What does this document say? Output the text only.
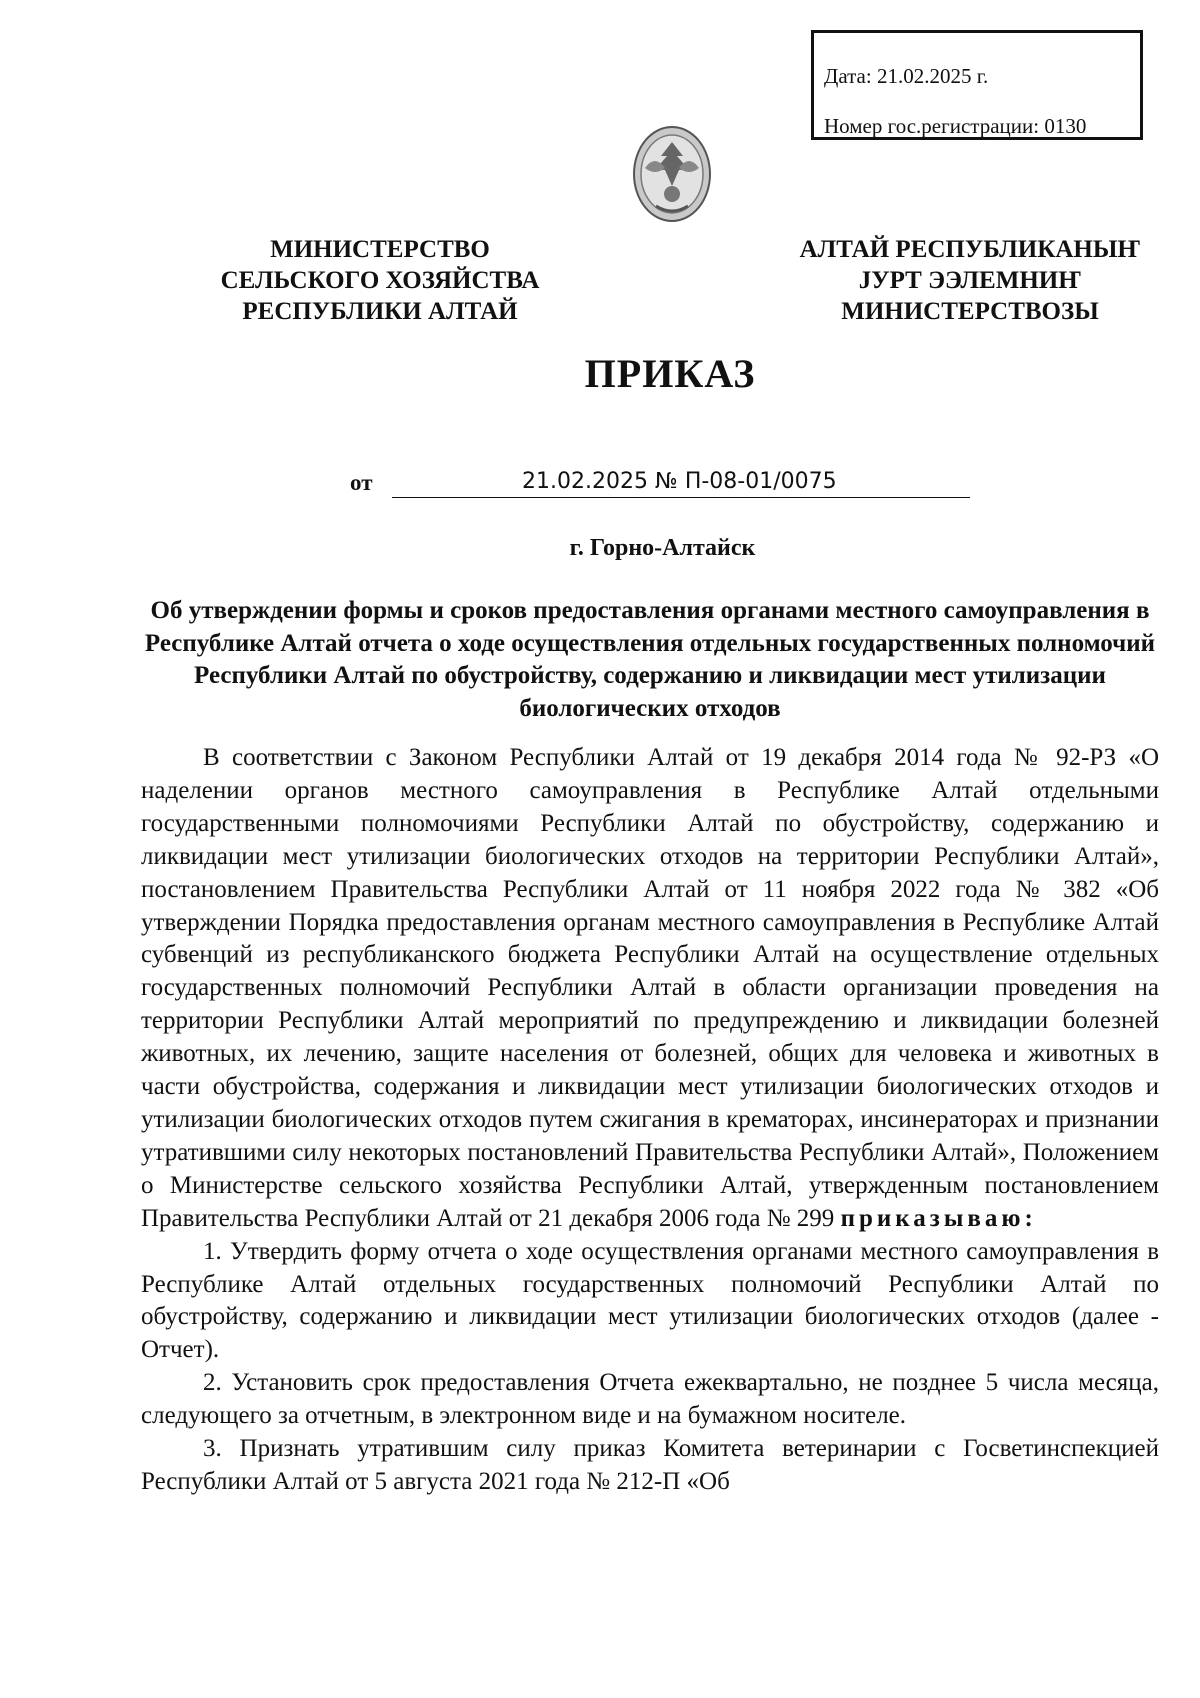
Дата: 21.02.2025 г.
Номер гос.регистрации: 0130
МИНИСТЕРСТВО
СЕЛЬСКОГО ХОЗЯЙСТВА
РЕСПУБЛИКИ АЛТАЙ
АЛТАЙ РЕСПУБЛИКАНЫҤ
ЈУРТ ЭЭЛЕМНИҤ
МИНИСТЕРСТВОЗЫ
ПРИКАЗ
от	21.02.2025 № П-08-01/0075
г. Горно-Алтайск
Об утверждении формы и сроков предоставления органами местного самоуправления в Республике Алтай отчета о ходе осуществления отдельных государственных полномочий Республики Алтай по обустройству, содержанию и ликвидации мест утилизации биологических отходов

В соответствии с Законом Республики Алтай от 19 декабря 2014 года № 92-РЗ «О наделении органов местного самоуправления в Республике Алтай отдельными государственными полномочиями Республики Алтай по обустройству, содержанию и ликвидации мест утилизации биологических отходов на территории Республики Алтай», постановлением Правительства Республики Алтай от 11 ноября 2022 года № 382 «Об утверждении Порядка предоставления органам местного самоуправления в Республике Алтай субвенций из республиканского бюджета Республики Алтай на осуществление отдельных государственных полномочий Республики Алтай в области организации проведения на территории Республики Алтай мероприятий по предупреждению и ликвидации болезней животных, их лечению, защите населения от болезней, общих для человека и животных в части обустройства, содержания и ликвидации мест утилизации биологических отходов и утилизации биологических отходов путем сжигания в крематорах, инсинераторах и признании утратившими силу некоторых постановлений Правительства Республики Алтай», Положением о Министерстве сельского хозяйства Республики Алтай, утвержденным постановлением Правительства Республики Алтай от 21 декабря 2006 года № 299 приказываю:

1. Утвердить форму отчета о ходе осуществления органами местного самоуправления в Республике Алтай отдельных государственных полномочий Республики Алтай по обустройству, содержанию и ликвидации мест утилизации биологических отходов (далее - Отчет).

2. Установить срок предоставления Отчета ежеквартально, не позднее 5 числа месяца, следующего за отчетным, в электронном виде и на бумажном носителе.

3. Признать утратившим силу приказ Комитета ветеринарии с Госветинспекцией Республики Алтай от 5 августа 2021 года № 212-П «Об
